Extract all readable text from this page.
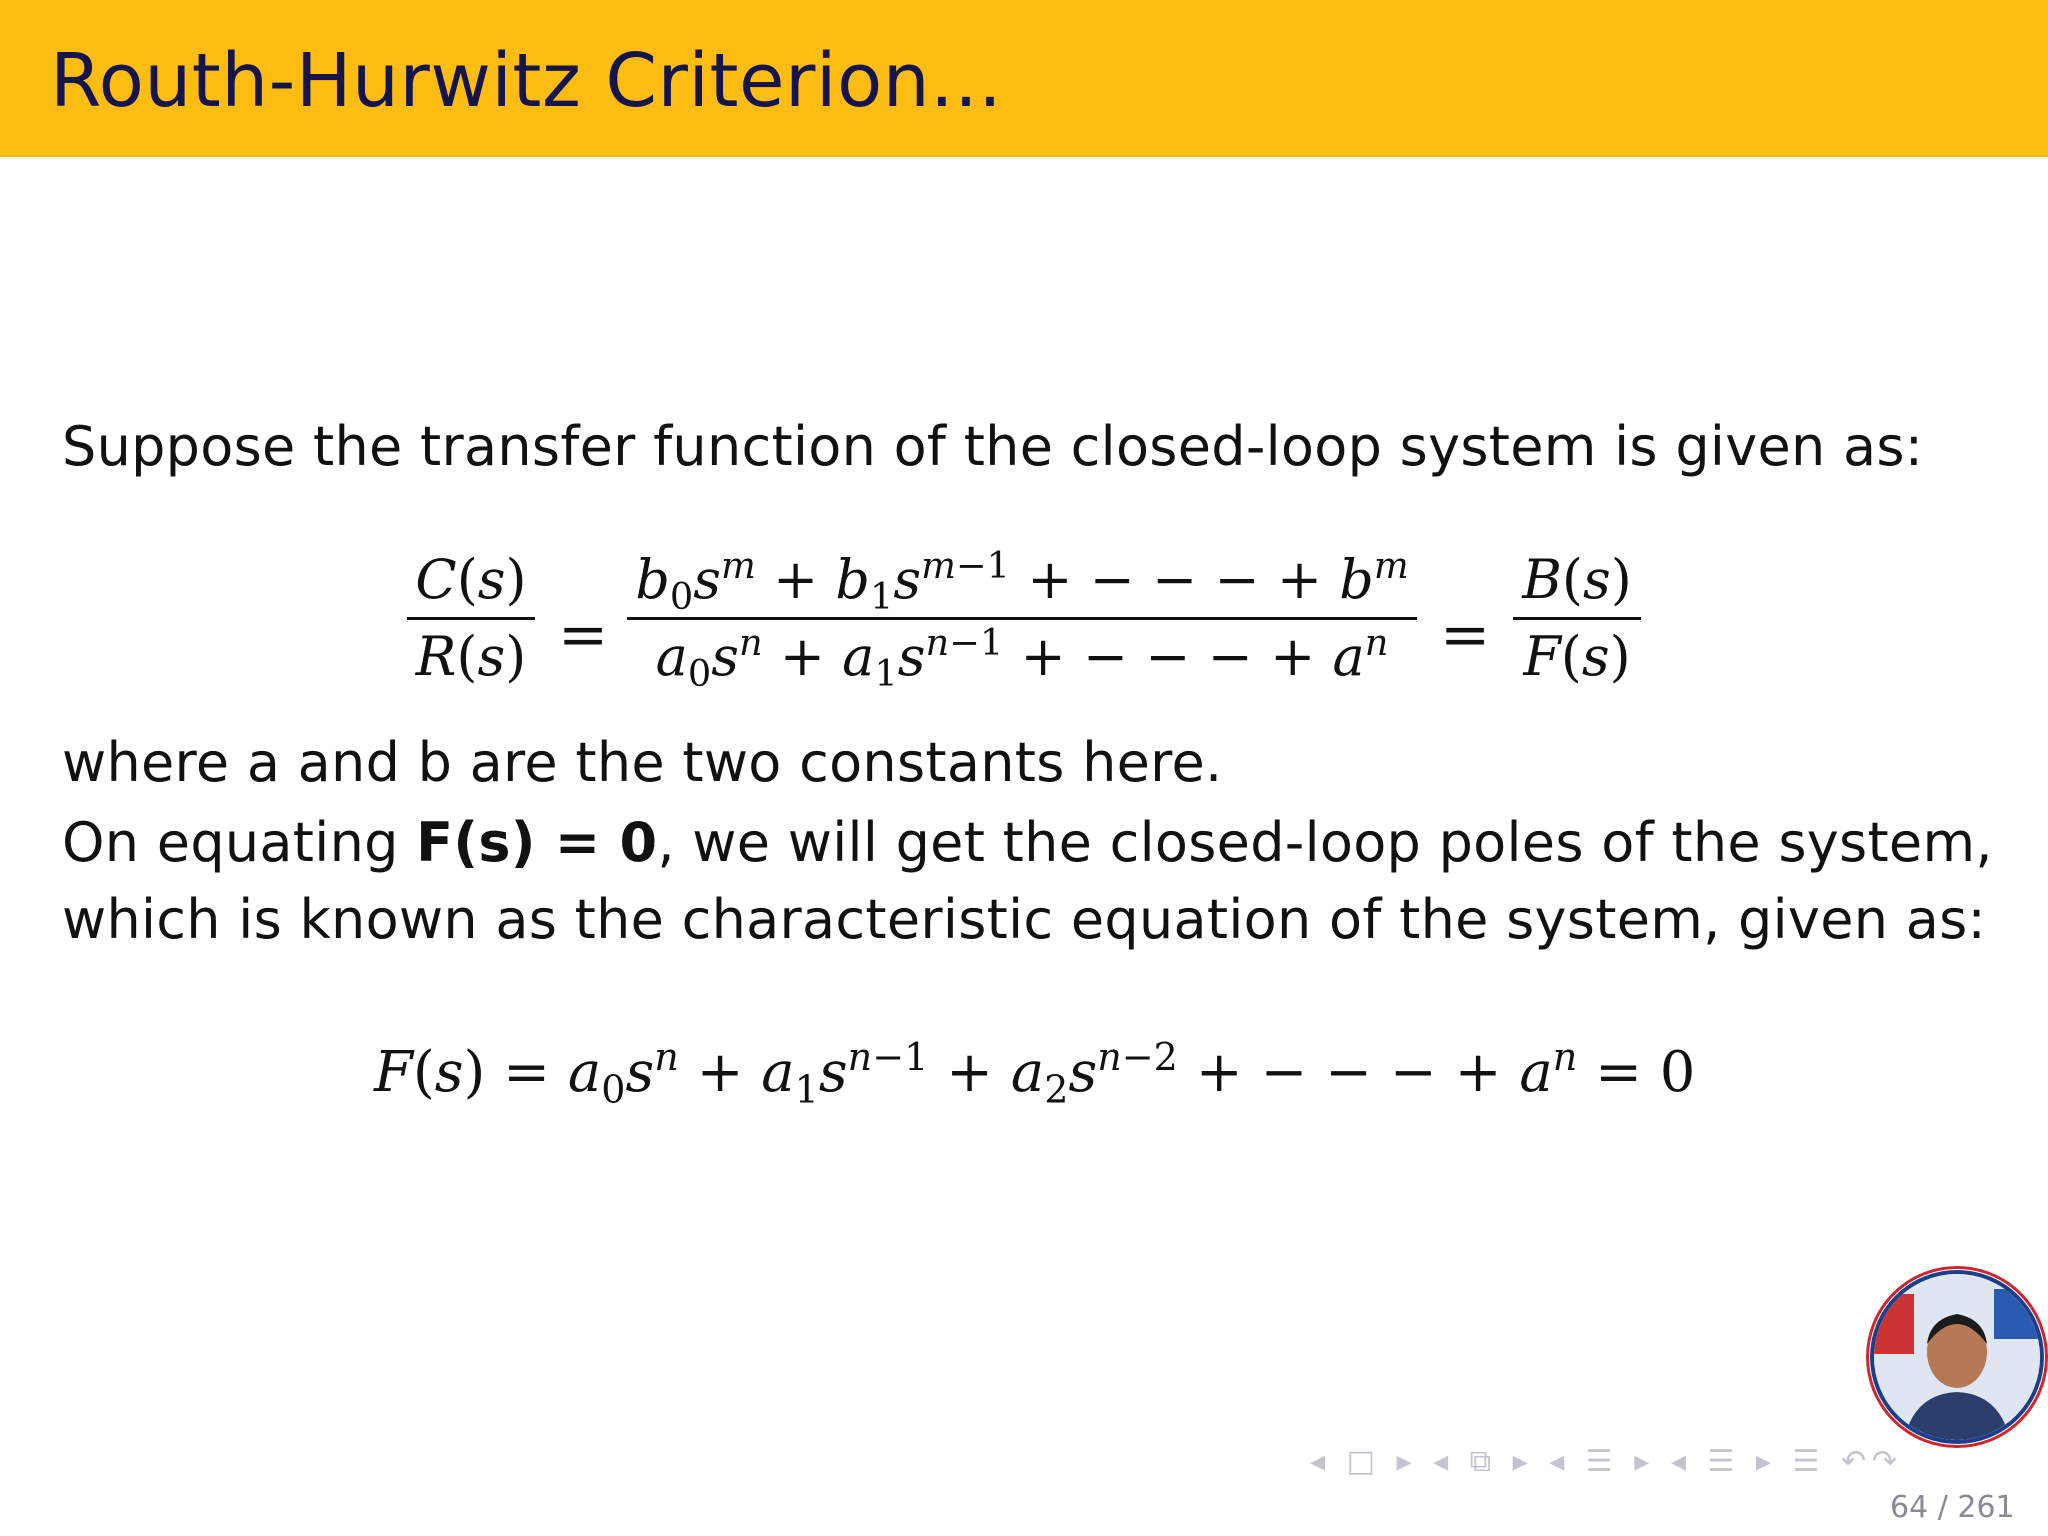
Routh-Hurwitz Criterion...
Suppose the transfer function of the closed-loop system is given as:
C(s)
R(s) =
$b_0s^m + b_1s^{m-1}$ + − − − + $b^m$
$a_0s^n + a_1s^{n-1}$ + − − − + $a^n$ =
B(s)
F(s)
where a and b are the two constants here.
On equating F(s) = 0, we will get the closed-loop poles of the system,
which is known as the characteristic equation of the system, given as:
$F(s) = a_0s^n + a_1s^{n-1} + a_2s^{n-2}$ + − − − + $a^n = 0$
◂ □ ▸ ◂ ⧉ ▸ ◂ ☰ ▸ ◂ ☰ ▸ ☰ ↶↷
64 / 261
